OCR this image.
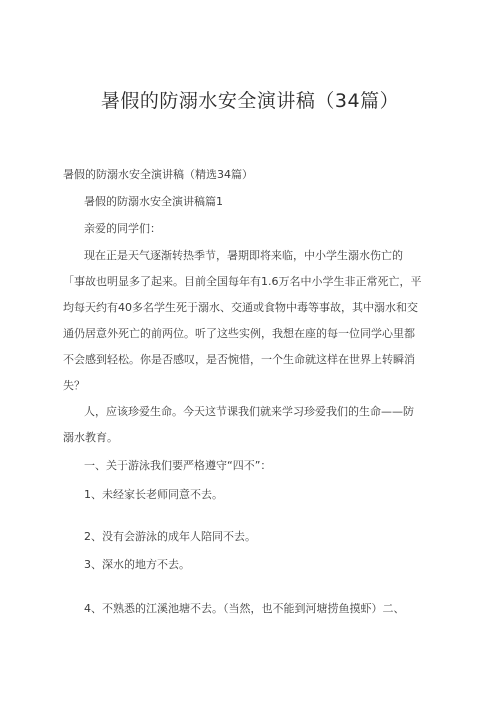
暑假的防溺水安全演讲稿（34篇）

暑假的防溺水安全演讲稿（精选34篇）

暑假的防溺水安全演讲稿篇1

亲爱的同学们：

现在正是天气逐渐转热季节，暑期即将来临，中小学生溺水伤亡的

「事故也明显多了起来。目前全国每年有1.6万名中小学生非正常死亡，平

均每天约有40多名学生死于溺水、交通或食物中毒等事故，其中溺水和交

通仍居意外死亡的前两位。听了这些实例，我想在座的每一位同学心里都

不会感到轻松。你是否感叹，是否惋惜，一个生命就这样在世界上转瞬消

失？

人，应该珍爱生命。今天这节课我们就来学习珍爱我们的生命——防

溺水教育。

一、关于游泳我们要严格遵守“四不”：

1、未经家长老师同意不去。

2、没有会游泳的成年人陪同不去。

3、深水的地方不去。

4、不熟悉的江溪池塘不去。（当然，也不能到河塘捞鱼摸虾）二、
